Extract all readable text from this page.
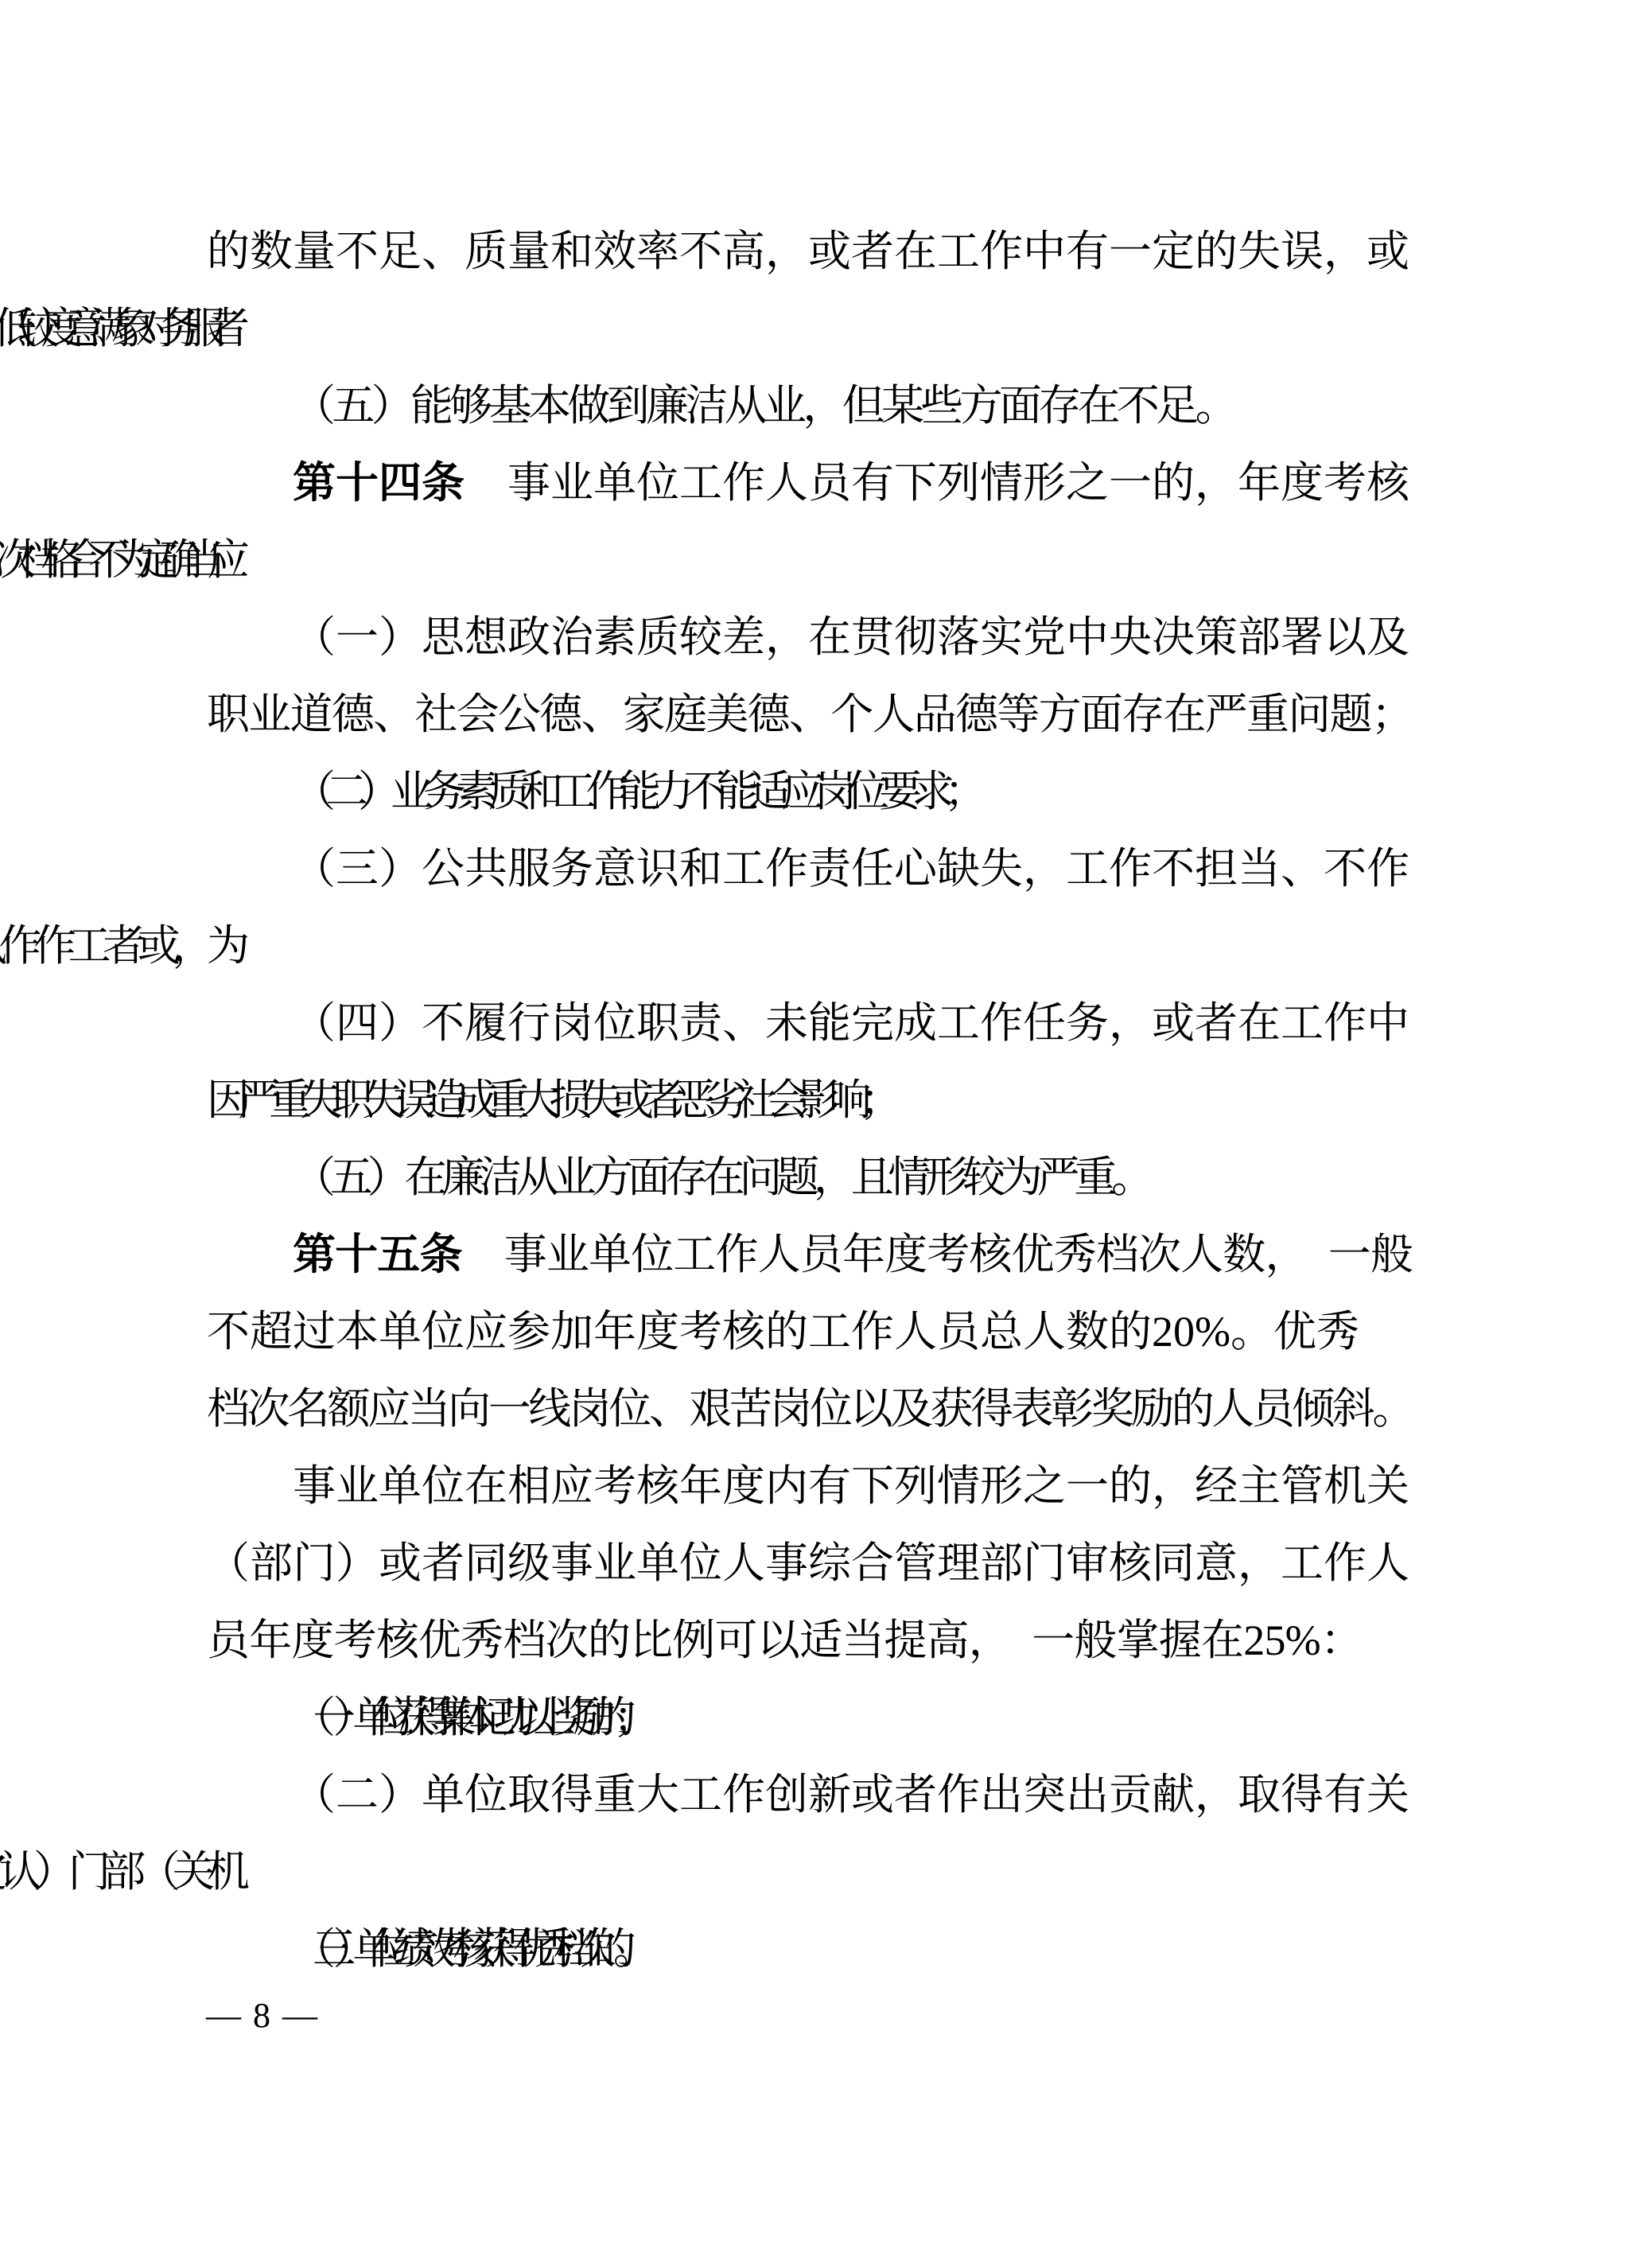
的数量不足、质量和效率不高，或者在工作中有一定的失误，或
（五）能够基本做到廉洁从业，但某些方面存在不足。
第十四条　事业单位工作人员有下列情形之一的，年度考核
（一）思想政治素质较差，在贯彻落实党中央决策部署以及
职业道德、社会公德、家庭美德、个人品德等方面存在严重问题；
（二）业务素质和工作能力不能适应岗位要求；
（三）公共服务意识和工作责任心缺失，工作不担当、不作
（四）不履行岗位职责、未能完成工作任务，或者在工作中
因严重失职失误造成重大损失或者恶劣社会影响；
（五）在廉洁从业方面存在问题，且情形较为严重。
第十五条　事业单位工作人员年度考核优秀档次人数，　一般
不超过本单位应参加年度考核的工作人员总人数的20%。优秀
档次名额应当向一线岗位、艰苦岗位以及获得表彰奖励的人员倾斜。
事业单位在相应考核年度内有下列情形之一的，经主管机关
（部门）或者同级事业单位人事综合管理部门审核同意，工作人
员年度考核优秀档次的比例可以适当提高，　一般掌握在25%：
（一）单位获得集体记功以上奖励的；
（二）单位取得重大工作创新或者作出突出贡献，取得有关
（三）单位绩效考核获得优秀档次的。
— 8 —
